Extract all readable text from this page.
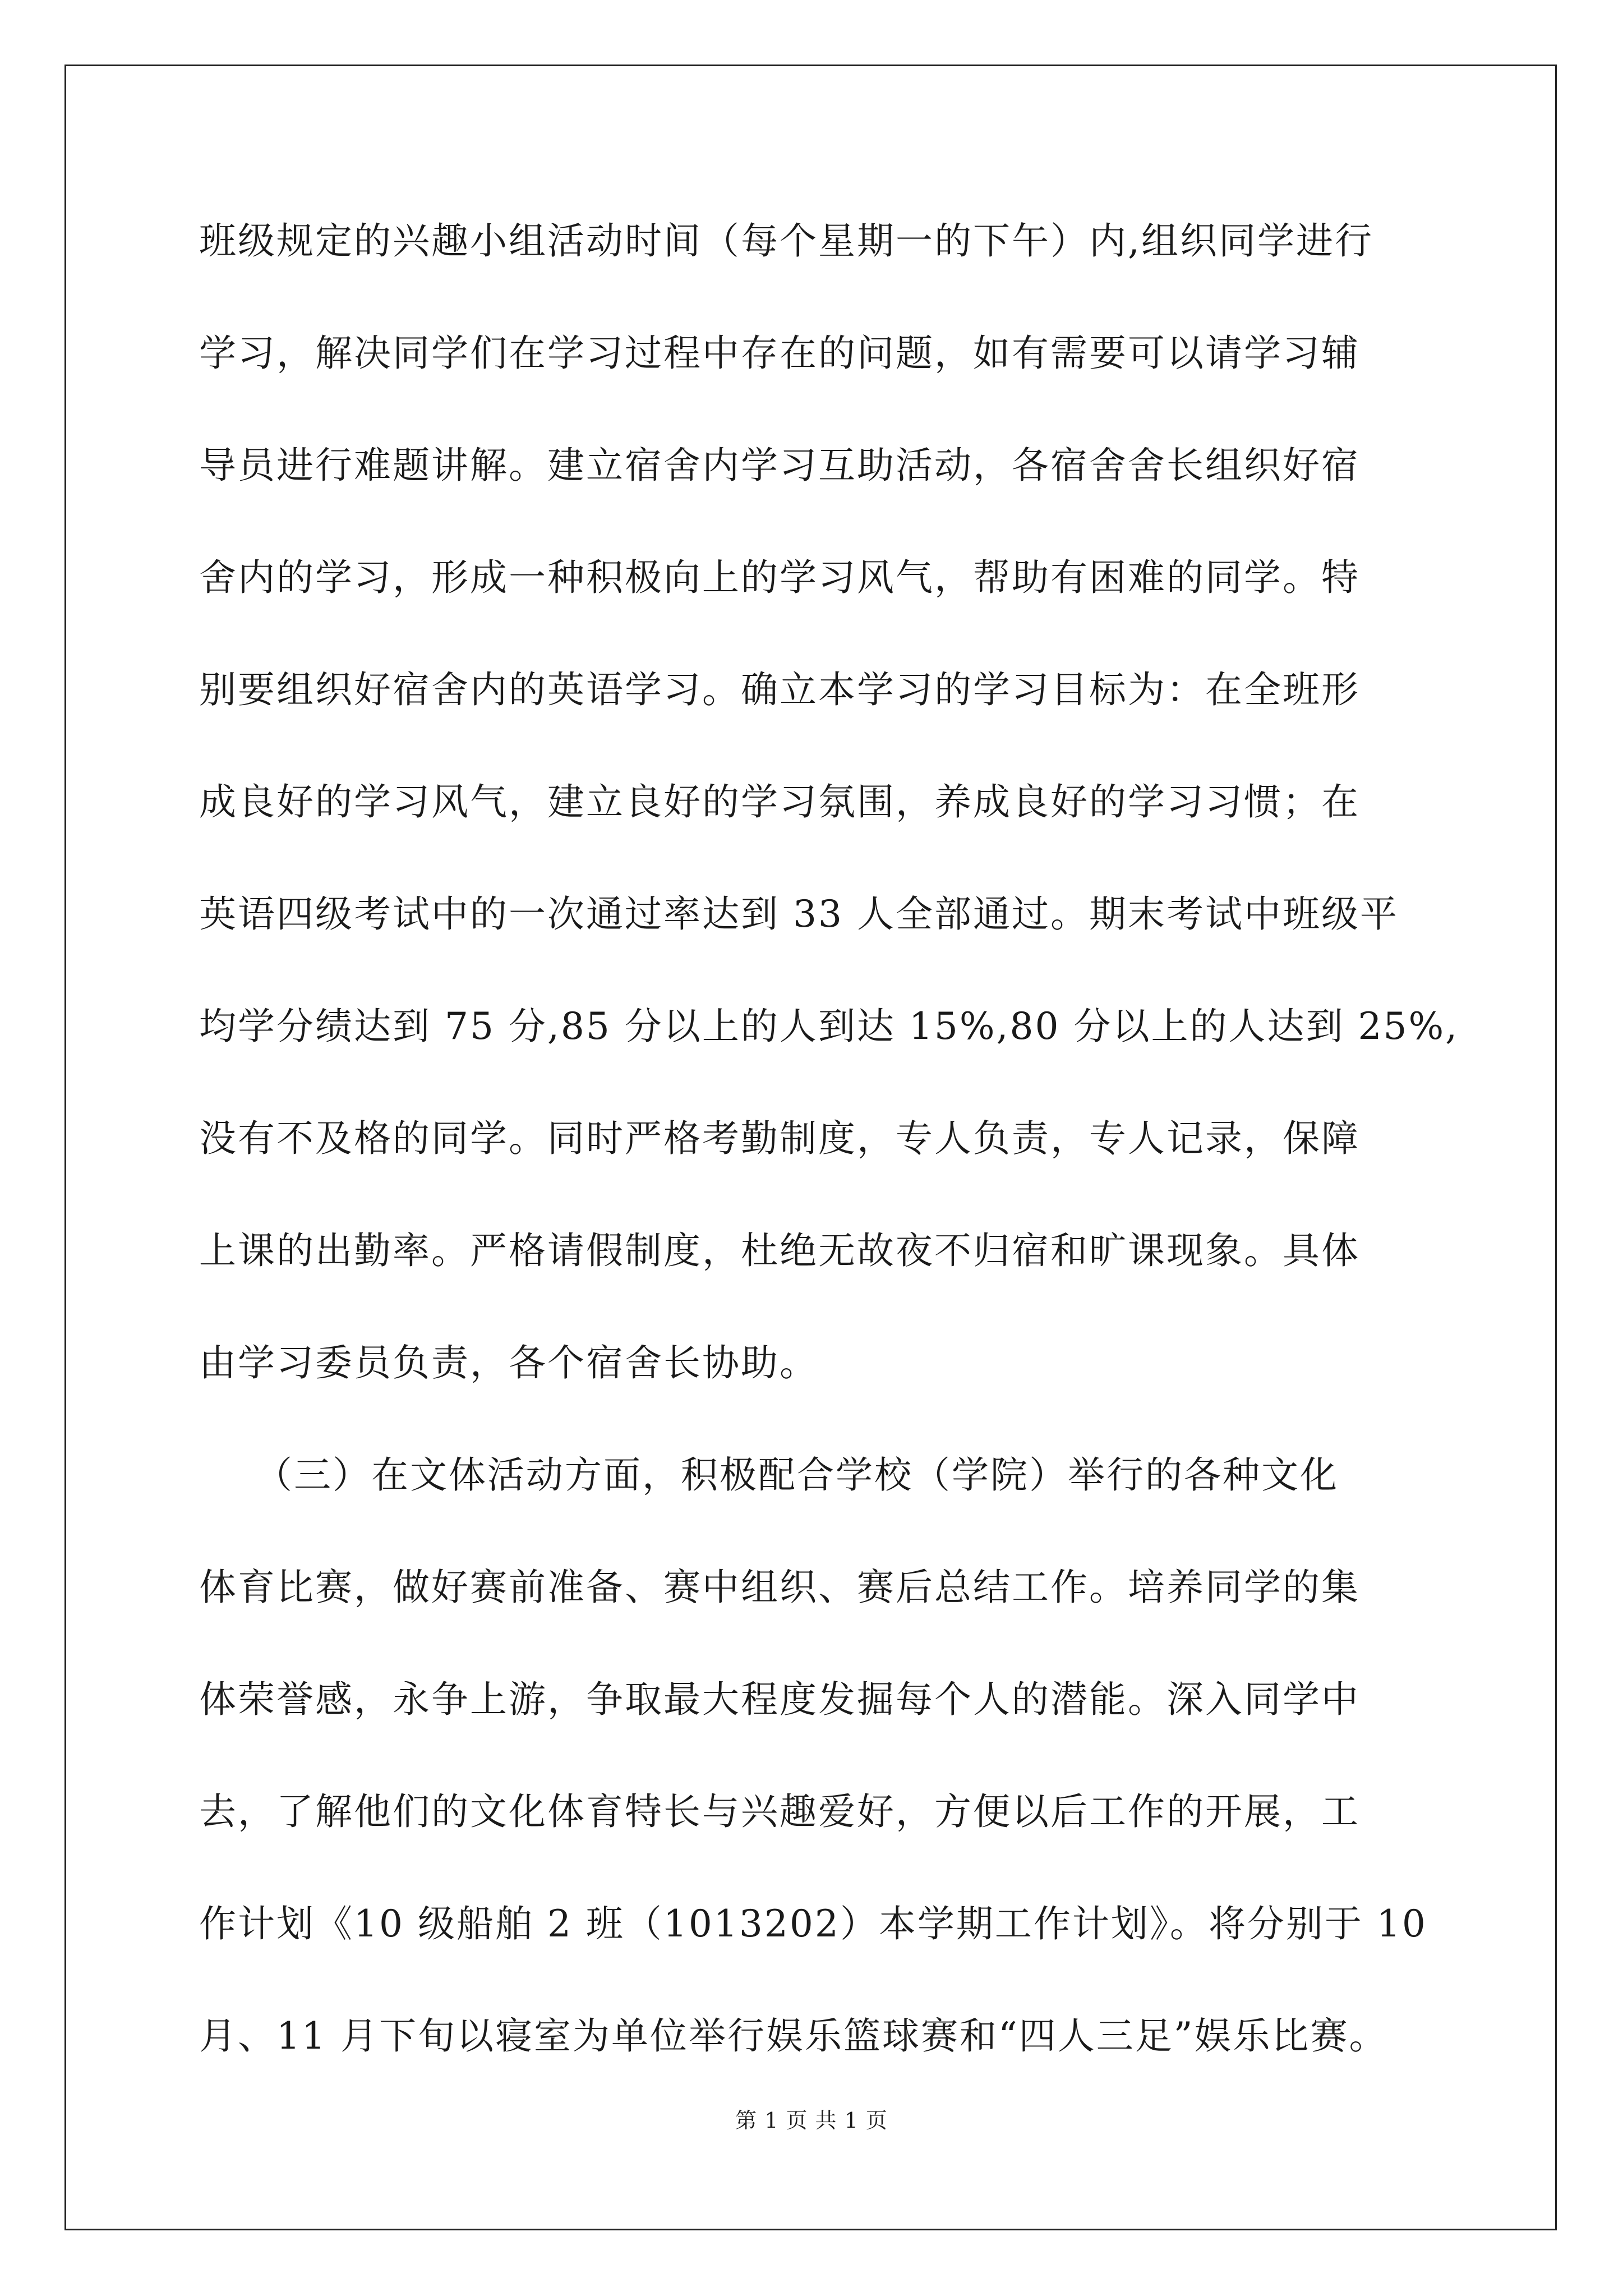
班级规定的兴趣小组活动时间（每个星期一的下午）内,组织同学进行
学习，解决同学们在学习过程中存在的问题，如有需要可以请学习辅
导员进行难题讲解。建立宿舍内学习互助活动，各宿舍舍长组织好宿
舍内的学习，形成一种积极向上的学习风气，帮助有困难的同学。特
别要组织好宿舍内的英语学习。确立本学习的学习目标为：在全班形
成良好的学习风气，建立良好的学习氛围，养成良好的学习习惯；在
英语四级考试中的一次通过率达到 33 人全部通过。期末考试中班级平
均学分绩达到 75 分,85 分以上的人到达 15%,80 分以上的人达到 25%,
没有不及格的同学。同时严格考勤制度，专人负责，专人记录，保障
上课的出勤率。严格请假制度，杜绝无故夜不归宿和旷课现象。具体
由学习委员负责，各个宿舍长协助。
（三）在文体活动方面，积极配合学校（学院）举行的各种文化
体育比赛，做好赛前准备、赛中组织、赛后总结工作。培养同学的集
体荣誉感，永争上游，争取最大程度发掘每个人的潜能。深入同学中
去，了解他们的文化体育特长与兴趣爱好，方便以后工作的开展，工
作计划《10 级船舶 2 班（1013202）本学期工作计划》。将分别于 10
月、11 月下旬以寝室为单位举行娱乐篮球赛和“四人三足”娱乐比赛。
第 1 页 共 1 页
